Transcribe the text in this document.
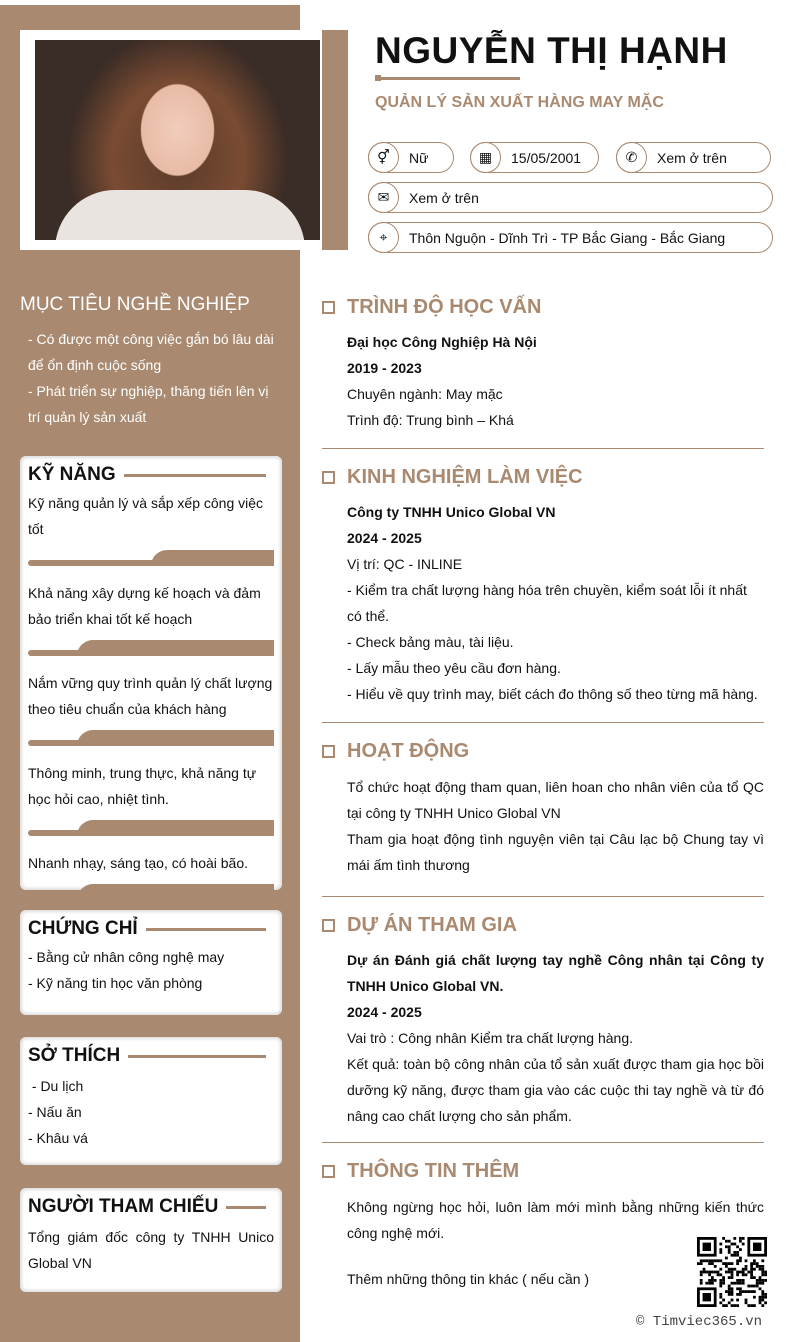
NGUYỄN THỊ HẠNH
QUẢN LÝ SẢN XUẤT HÀNG MAY MẶC
⚥	Nữ	▦	15/05/2001	✆	Xem ở trên
✉	Xem ở trên
⌖	Thôn Nguộn - Dĩnh Trì - TP Bắc Giang - Bắc Giang
MỤC TIÊU NGHỀ NGHIỆP
- Có được một công việc gắn bó lâu dài để ổn định cuộc sống
- Phát triển sự nghiệp, thăng tiến lên vị trí quản lý sản xuất
KỸ NĂNG
Kỹ năng quản lý và sắp xếp công việc tốt
Khả năng xây dựng kế hoạch và đảm bảo triển khai tốt kế hoạch
Nắm vững quy trình quản lý chất lượng theo tiêu chuẩn của khách hàng
Thông minh, trung thực, khả năng tự học hỏi cao, nhiệt tình.
Nhanh nhạy, sáng tạo, có hoài bão.
CHỨNG CHỈ
- Bằng cử nhân công nghệ may
- Kỹ năng tin học văn phòng
SỞ THÍCH
- Du lịch
- Nấu ăn
- Khâu vá
NGƯỜI THAM CHIẾU
Tổng giám đốc công ty TNHH Unico Global VN
TRÌNH ĐỘ HỌC VẤN
Đại học Công Nghiệp Hà Nội
2019 - 2023
Chuyên ngành: May mặc
Trình độ: Trung bình – Khá
KINH NGHIỆM LÀM VIỆC
Công ty TNHH Unico Global VN
2024 - 2025
Vị trí: QC - INLINE
- Kiểm tra chất lượng hàng hóa trên chuyền, kiểm soát lỗi ít nhất có thể.
- Check bảng màu, tài liệu.
- Lấy mẫu theo yêu cầu đơn hàng.
- Hiểu về quy trình may, biết cách đo thông số theo từng mã hàng.
HOẠT ĐỘNG
Tổ chức hoạt động tham quan, liên hoan cho nhân viên của tổ QC tại công ty TNHH Unico Global VN
Tham gia hoạt động tình nguyện viên tại Câu lạc bộ Chung tay vì mái ấm tình thương
DỰ ÁN THAM GIA
Dự án Đánh giá chất lượng tay nghề Công nhân tại Công ty TNHH Unico Global VN.
2024 - 2025
Vai trò : Công nhân Kiểm tra chất lượng hàng.
Kết quả: toàn bộ công nhân của tổ sản xuất được tham gia học bồi dưỡng kỹ năng, được tham gia vào các cuộc thi tay nghề và từ đó nâng cao chất lượng cho sản phẩm.
THÔNG TIN THÊM
Không ngừng học hỏi, luôn làm mới mình bằng những kiến thức công nghệ mới.
Thêm những thông tin khác ( nếu cần )
© Timviec365.vn
